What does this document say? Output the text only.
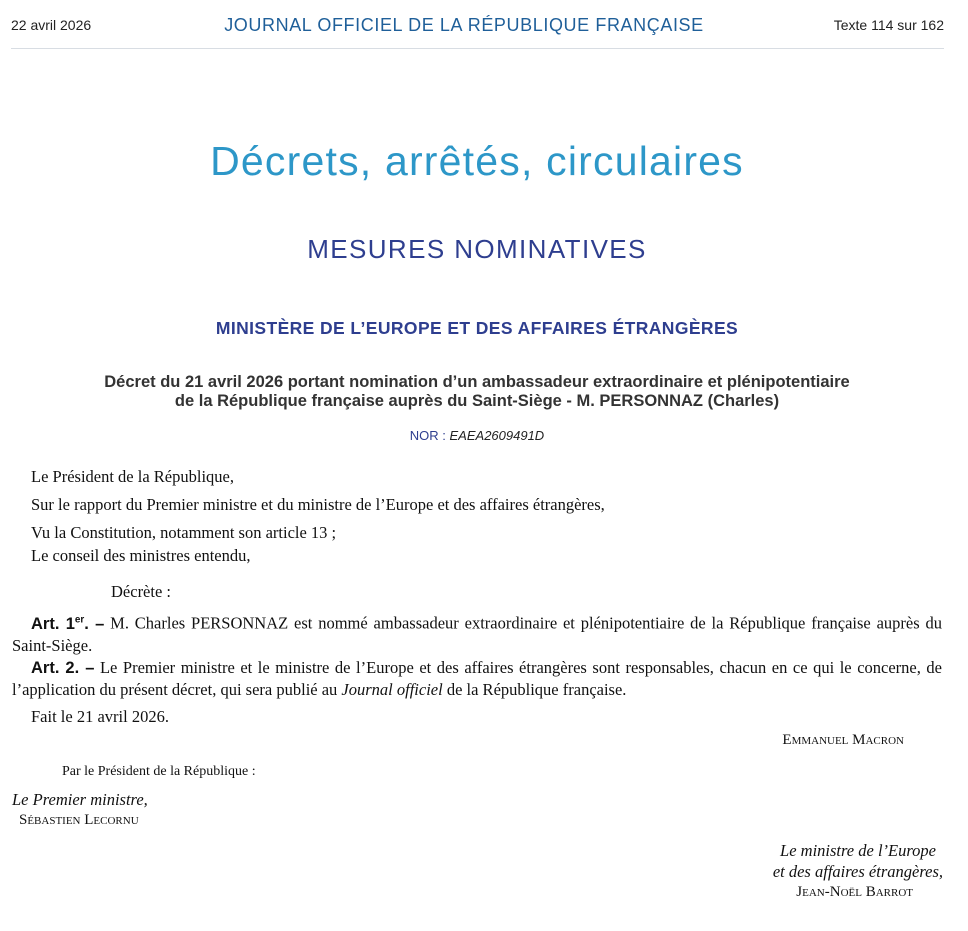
22 avril 2026	JOURNAL OFFICIEL DE LA RÉPUBLIQUE FRANÇAISE	Texte 114 sur 162
Décrets, arrêtés, circulaires
MESURES NOMINATIVES
MINISTÈRE DE L’EUROPE ET DES AFFAIRES ÉTRANGÈRES
Décret du 21 avril 2026 portant nomination d’un ambassadeur extraordinaire et plénipotentiaire
de la République française auprès du Saint-Siège - M. PERSONNAZ (Charles)
NOR : EAEA2609491D
Le Président de la République,
Sur le rapport du Premier ministre et du ministre de l’Europe et des affaires étrangères,
Vu la Constitution, notamment son article 13 ;
Le conseil des ministres entendu,
Décrète :
Art. 1er. – M. Charles PERSONNAZ est nommé ambassadeur extraordinaire et plénipotentiaire de la République française auprès du Saint-Siège.
Art. 2. – Le Premier ministre et le ministre de l’Europe et des affaires étrangères sont responsables, chacun en ce qui le concerne, de l’application du présent décret, qui sera publié au Journal officiel de la République française.
Fait le 21 avril 2026.
Emmanuel Macron
Par le Président de la République :
Le Premier ministre,
Sébastien Lecornu
Le ministre de l’Europe
et des affaires étrangères,
Jean-Noël Barrot
